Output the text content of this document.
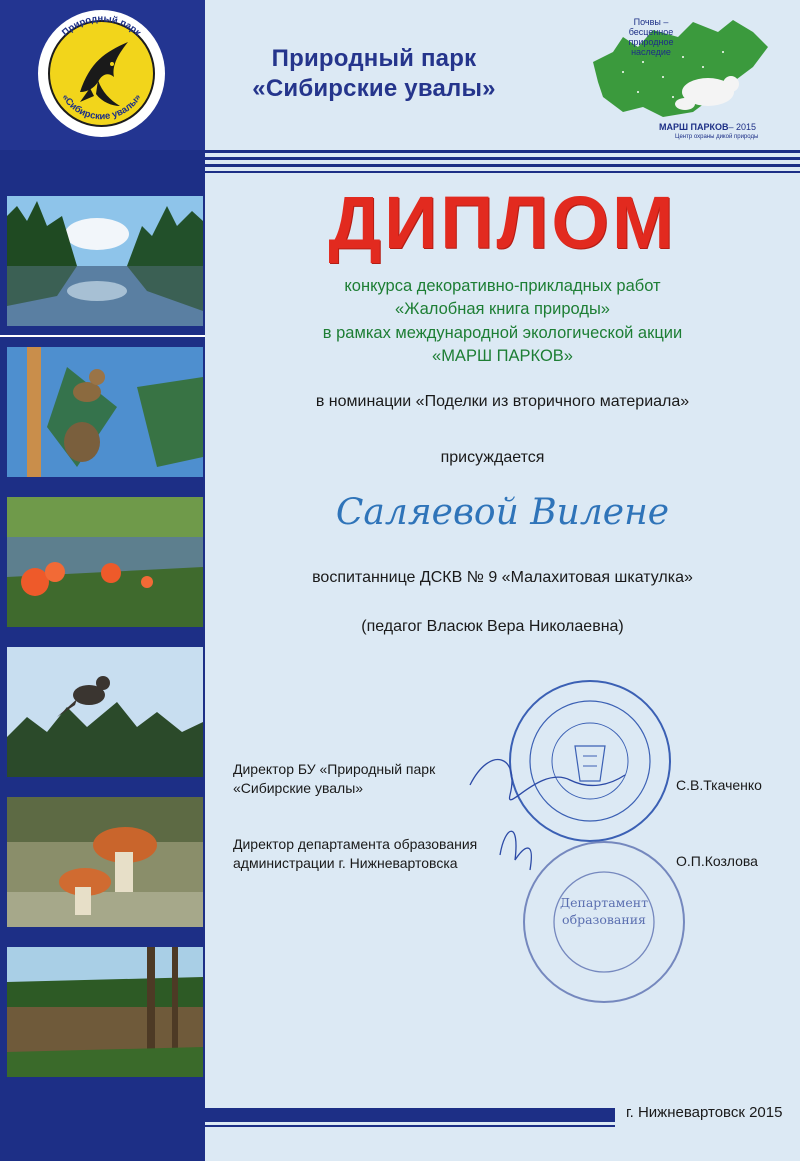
Природный парк
«Сибирские увалы»
Природный парк
«Сибирские увалы»
Почвы – бесценное
природное наследие
МАРШ ПАРКОВ– 2015
Центр охраны дикой природы
ДИПЛОМ
конкурса декоративно-прикладных работ
«Жалобная книга природы»
в рамках международной экологической акции
«МАРШ ПАРКОВ»
в номинации «Поделки из вторичного материала»
присуждается
Саляевой Вилене
воспитаннице ДСКВ № 9 «Малахитовая шкатулка»
(педагог Власюк Вера Николаевна)
Департамент
образования
Директор БУ «Природный парк
«Сибирские увалы»	С.В.Ткаченко
Директор департамента образования
администрации г. Нижневартовска	О.П.Козлова
г. Нижневартовск 2015
